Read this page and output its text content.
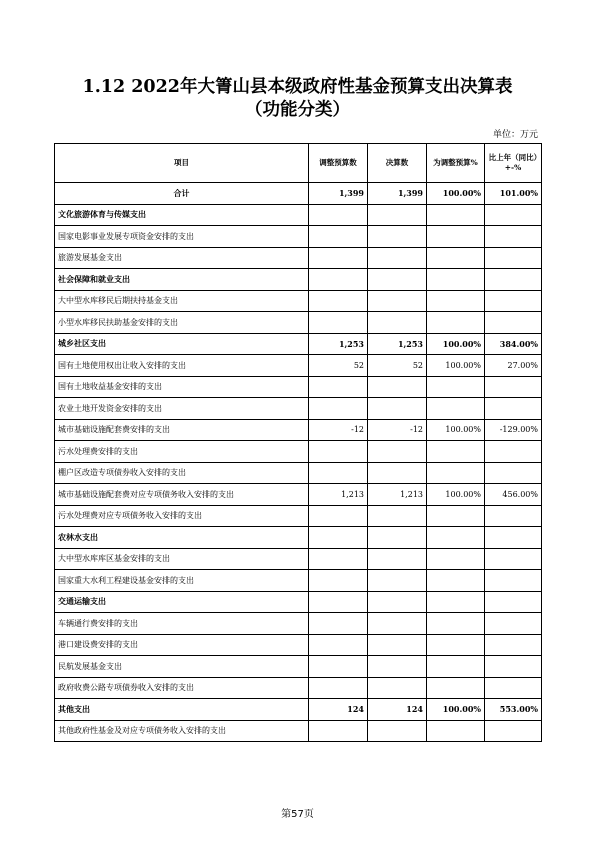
1.12 2022年大箐山县本级政府性基金预算支出决算表
（功能分类）
单位：万元
项目	调整预算数	决算数	为调整预算%	比上年（同比）+-%
合计	1,399	1,399	100.00%	101.00%
文化旅游体育与传媒支出				
国家电影事业发展专项资金安排的支出				
旅游发展基金支出				
社会保障和就业支出				
大中型水库移民后期扶持基金支出				
小型水库移民扶助基金安排的支出				
城乡社区支出	1,253	1,253	100.00%	384.00%
国有土地使用权出让收入安排的支出	52	52	100.00%	27.00%
国有土地收益基金安排的支出				
农业土地开发资金安排的支出				
城市基础设施配套费安排的支出	-12	-12	100.00%	-129.00%
污水处理费安排的支出				
棚户区改造专项债券收入安排的支出				
城市基础设施配套费对应专项债务收入安排的支出	1,213	1,213	100.00%	456.00%
污水处理费对应专项债务收入安排的支出				
农林水支出				
大中型水库库区基金安排的支出				
国家重大水利工程建设基金安排的支出				
交通运输支出				
车辆通行费安排的支出				
港口建设费安排的支出				
民航发展基金支出				
政府收费公路专项债券收入安排的支出				
其他支出	124	124	100.00%	553.00%
其他政府性基金及对应专项债务收入安排的支出				
第57页
